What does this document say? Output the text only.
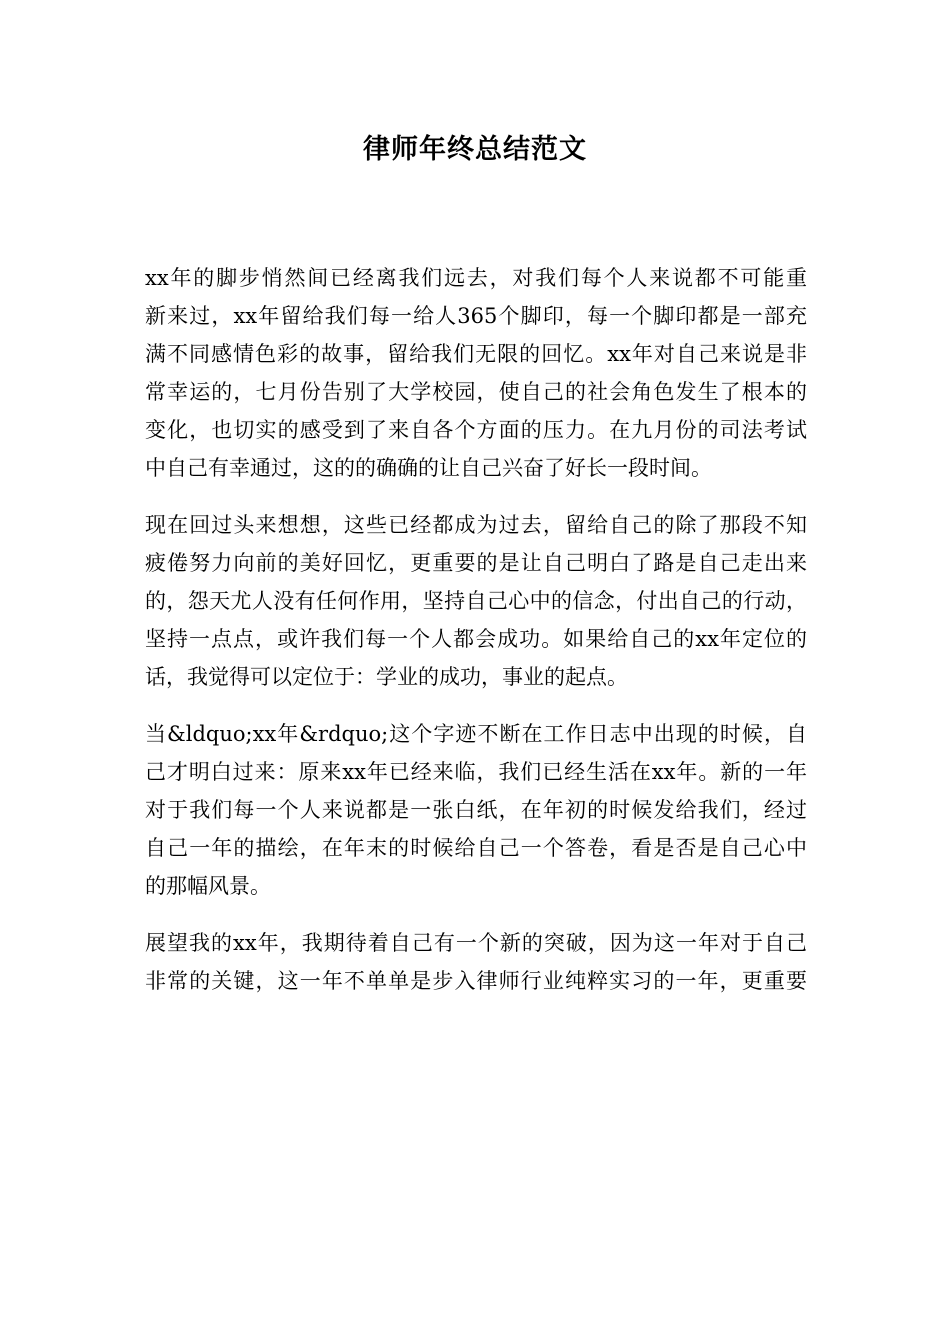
律师年终总结范文

xx年的脚步悄然间已经离我们远去，对我们每个人来说都不可能重
新来过，xx年留给我们每一给人365个脚印，每一个脚印都是一部充
满不同感情色彩的故事，留给我们无限的回忆。xx年对自己来说是非
常幸运的，七月份告别了大学校园，使自己的社会角色发生了根本的
变化，也切实的感受到了来自各个方面的压力。在九月份的司法考试
中自己有幸通过，这的的确确的让自己兴奋了好长一段时间。

现在回过头来想想，这些已经都成为过去，留给自己的除了那段不知
疲倦努力向前的美好回忆，更重要的是让自己明白了路是自己走出来
的，怨天尤人没有任何作用，坚持自己心中的信念，付出自己的行动，
坚持一点点，或许我们每一个人都会成功。如果给自己的xx年定位的
话，我觉得可以定位于：学业的成功，事业的起点。

当&ldquo;xx年&rdquo;这个字迹不断在工作日志中出现的时候，自
己才明白过来：原来xx年已经来临，我们已经生活在xx年。新的一年
对于我们每一个人来说都是一张白纸，在年初的时候发给我们，经过
自己一年的描绘，在年末的时候给自己一个答卷，看是否是自己心中
的那幅风景。

展望我的xx年，我期待着自己有一个新的突破，因为这一年对于自己
非常的关键，这一年不单单是步入律师行业纯粹实习的一年，更重要
